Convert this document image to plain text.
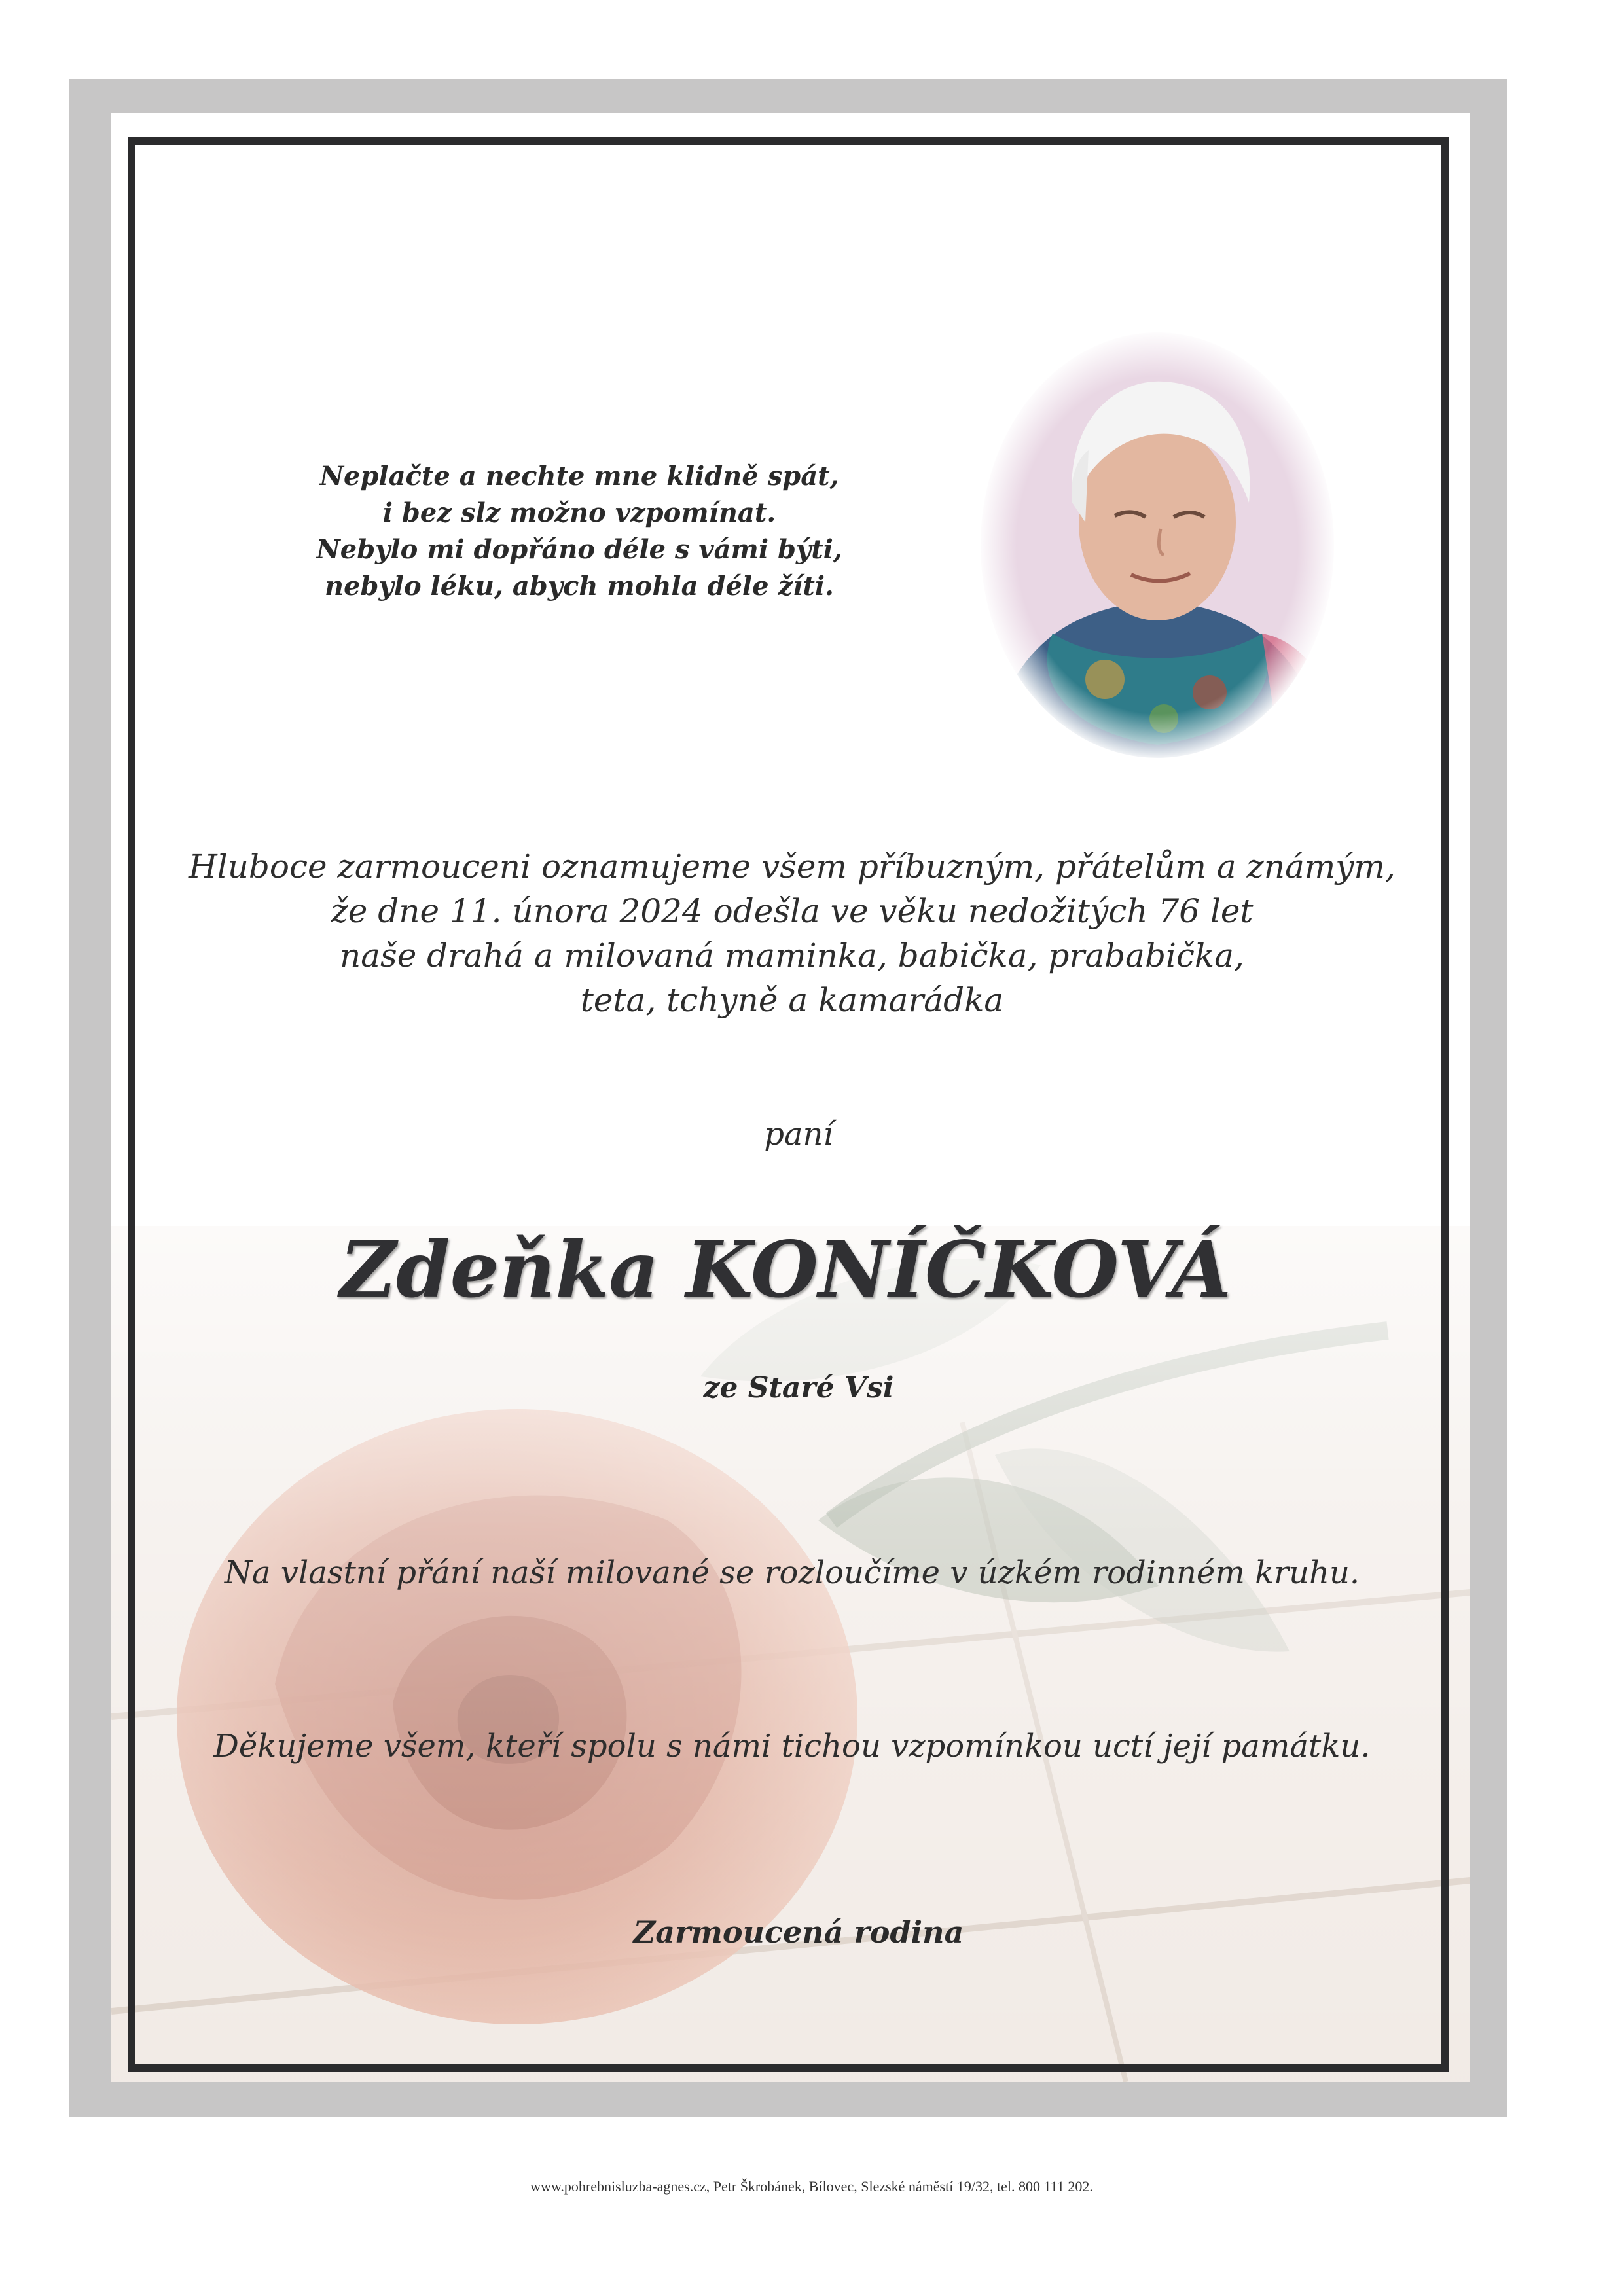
Neplačte a nechte mne klidně spát,
i bez slz možno vzpomínat.
Nebylo mi dopřáno déle s vámi býti,
nebylo léku, abych mohla déle žíti.
Hluboce zarmouceni oznamujeme všem příbuzným, přátelům a známým,
že dne 11. února 2024 odešla ve věku nedožitých 76 let
naše drahá a milovaná maminka, babička, prababička,
teta, tchyně a kamarádka
paní
Zdeňka KONÍČKOVÁ
ze Staré Vsi
Na vlastní přání naší milované se rozloučíme v úzkém rodinném kruhu.
Děkujeme všem, kteří spolu s námi tichou vzpomínkou uctí její památku.
Zarmoucená rodina
www.pohrebnisluzba-agnes.cz, Petr Škrobánek, Bílovec, Slezské náměstí 19/32, tel. 800 111 202.
